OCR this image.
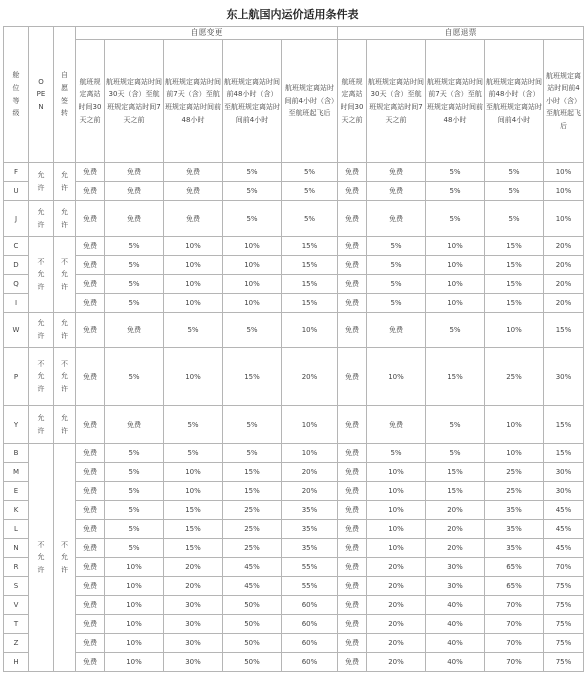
东上航国内运价适用条件表
舱位等级	OPEN	自愿签转	自愿变更					自愿退票				
			航班规定离站时间30天之前	航班规定离站时间30天（含）至航班规定离站时间7天之前	航班规定离站时间前7天（含）至航班规定离站时间前48小时	航班规定离站时间前48小时（含）至航班规定离站时间前4小时	航班规定离站时间前4小时（含）至航班起飞后	航班规定离站时间30天之前	航班规定离站时间30天（含）至航班规定离站时间7天之前	航班规定离站时间前7天（含）至航班规定离站时间前48小时	航班规定离站时间前48小时（含）至航班规定离站时间前4小时	航班规定离站时间前4小时（含）至航班起飞后
F	允许	允许	免费	免费	免费	5%	5%	免费	免费	5%	5%	10%
U			免费	免费	免费	5%	5%	免费	免费	5%	5%	10%
J	允许	允许	免费	免费	免费	5%	5%	免费	免费	5%	5%	10%
C	不允许	不允许	免费	5%	10%	10%	15%	免费	5%	10%	15%	20%
D			免费	5%	10%	10%	15%	免费	5%	10%	15%	20%
Q			免费	5%	10%	10%	15%	免费	5%	10%	15%	20%
I			免费	5%	10%	10%	15%	免费	5%	10%	15%	20%
W	允许	允许	免费	免费	5%	5%	10%	免费	免费	5%	10%	15%
P	不允许	不允许	免费	5%	10%	15%	20%	免费	10%	15%	25%	30%
Y	允许	允许	免费	免费	5%	5%	10%	免费	免费	5%	10%	15%
B	不允许	不允许	免费	5%	5%	5%	10%	免费	5%	5%	10%	15%
M			免费	5%	10%	15%	20%	免费	10%	15%	25%	30%
E			免费	5%	10%	15%	20%	免费	10%	15%	25%	30%
K			免费	5%	15%	25%	35%	免费	10%	20%	35%	45%
L			免费	5%	15%	25%	35%	免费	10%	20%	35%	45%
N			免费	5%	15%	25%	35%	免费	10%	20%	35%	45%
R			免费	10%	20%	45%	55%	免费	20%	30%	65%	70%
S			免费	10%	20%	45%	55%	免费	20%	30%	65%	75%
V			免费	10%	30%	50%	60%	免费	20%	40%	70%	75%
T			免费	10%	30%	50%	60%	免费	20%	40%	70%	75%
Z			免费	10%	30%	50%	60%	免费	20%	40%	70%	75%
H			免费	10%	30%	50%	60%	免费	20%	40%	70%	75%
